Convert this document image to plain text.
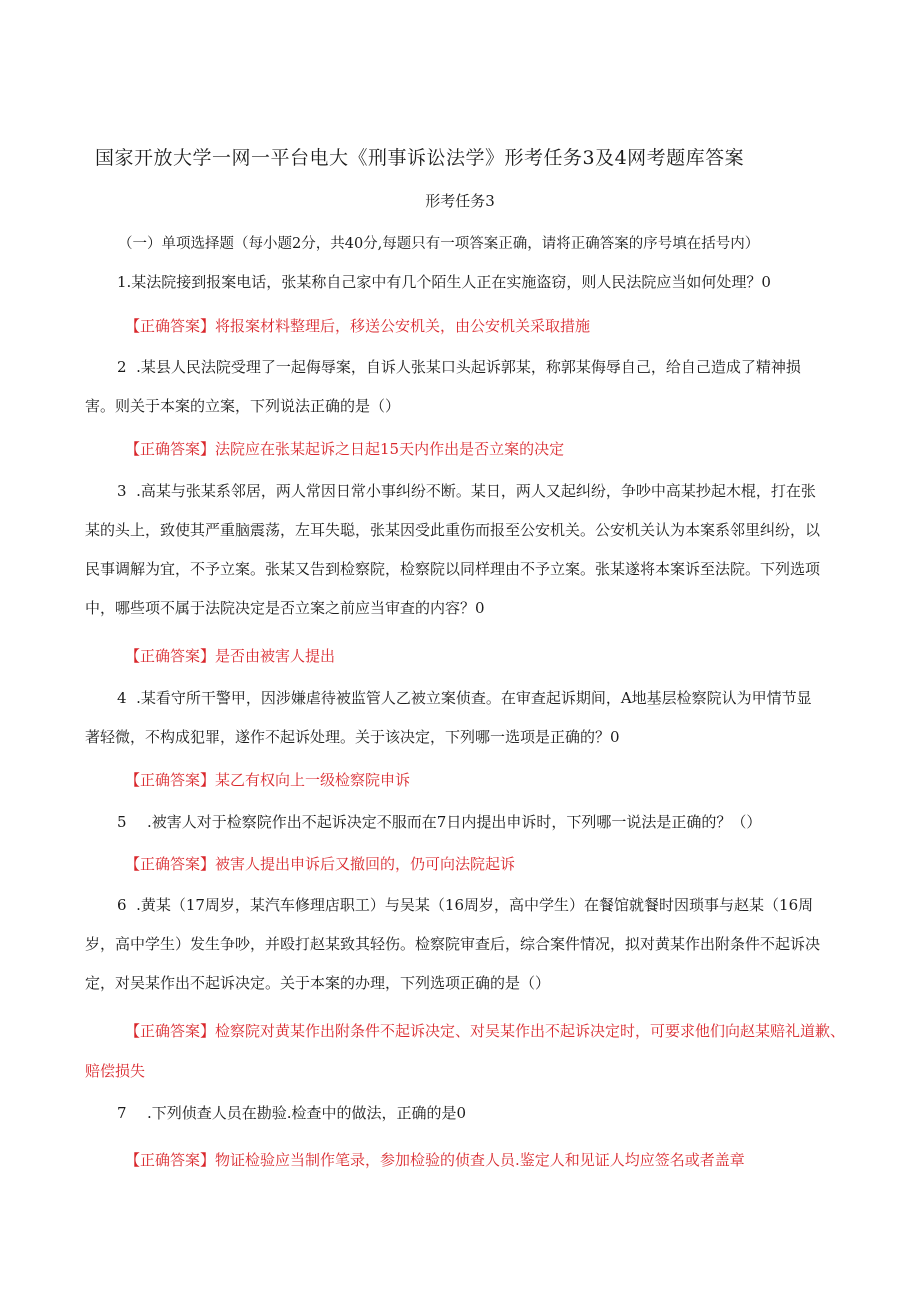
国家开放大学一网一平台电大《刑事诉讼法学》形考任务3及4网考题库答案
形考任务3
（一）单项选择题（每小题2分，共40分,每题只有一项答案正确，请将正确答案的序号填在括号内）
1.某法院接到报案电话，张某称自己家中有几个陌生人正在实施盗窃，则人民法院应当如何处理？0
【正确答案】将报案材料整理后，移送公安机关，由公安机关采取措施
2  .某县人民法院受理了一起侮辱案，自诉人张某口头起诉郭某，称郭某侮辱自己，给自己造成了精神损
害。则关于本案的立案，下列说法正确的是（）
【正确答案】法院应在张某起诉之日起15天内作出是否立案的决定
3  .高某与张某系邻居，两人常因日常小事纠纷不断。某日，两人又起纠纷，争吵中高某抄起木棍，打在张
某的头上，致使其严重脑震荡，左耳失聪，张某因受此重伤而报至公安机关。公安机关认为本案系邻里纠纷，以
民事调解为宜，不予立案。张某又告到检察院，检察院以同样理由不予立案。张某遂将本案诉至法院。下列选项
中，哪些项不属于法院决定是否立案之前应当审查的内容？0
【正确答案】是否由被害人提出
4  .某看守所干警甲，因涉嫌虐待被监管人乙被立案侦查。在审查起诉期间，A地基层检察院认为甲情节显
著轻微，不构成犯罪，遂作不起诉处理。关于该决定，下列哪一选项是正确的？0
【正确答案】某乙有权向上一级检察院申诉
5 .被害人对于检察院作出不起诉决定不服而在7日内提出申诉时，下列哪一说法是正确的？（）
【正确答案】被害人提出申诉后又撤回的，仍可向法院起诉
6  .黄某（17周岁，某汽车修理店职工）与吴某（16周岁，高中学生）在餐馆就餐时因琐事与赵某（16周
岁，高中学生）发生争吵，并殴打赵某致其轻伤。检察院审查后，综合案件情况，拟对黄某作出附条件不起诉决
定，对吴某作出不起诉决定。关于本案的办理，下列选项正确的是（）
【正确答案】检察院对黄某作出附条件不起诉决定、对吴某作出不起诉决定时，可要求他们向赵某赔礼道歉、
赔偿损失
7 .下列侦查人员在勘验.检查中的做法，正确的是0
【正确答案】物证检验应当制作笔录，参加检验的侦查人员.鉴定人和见证人均应签名或者盖章
